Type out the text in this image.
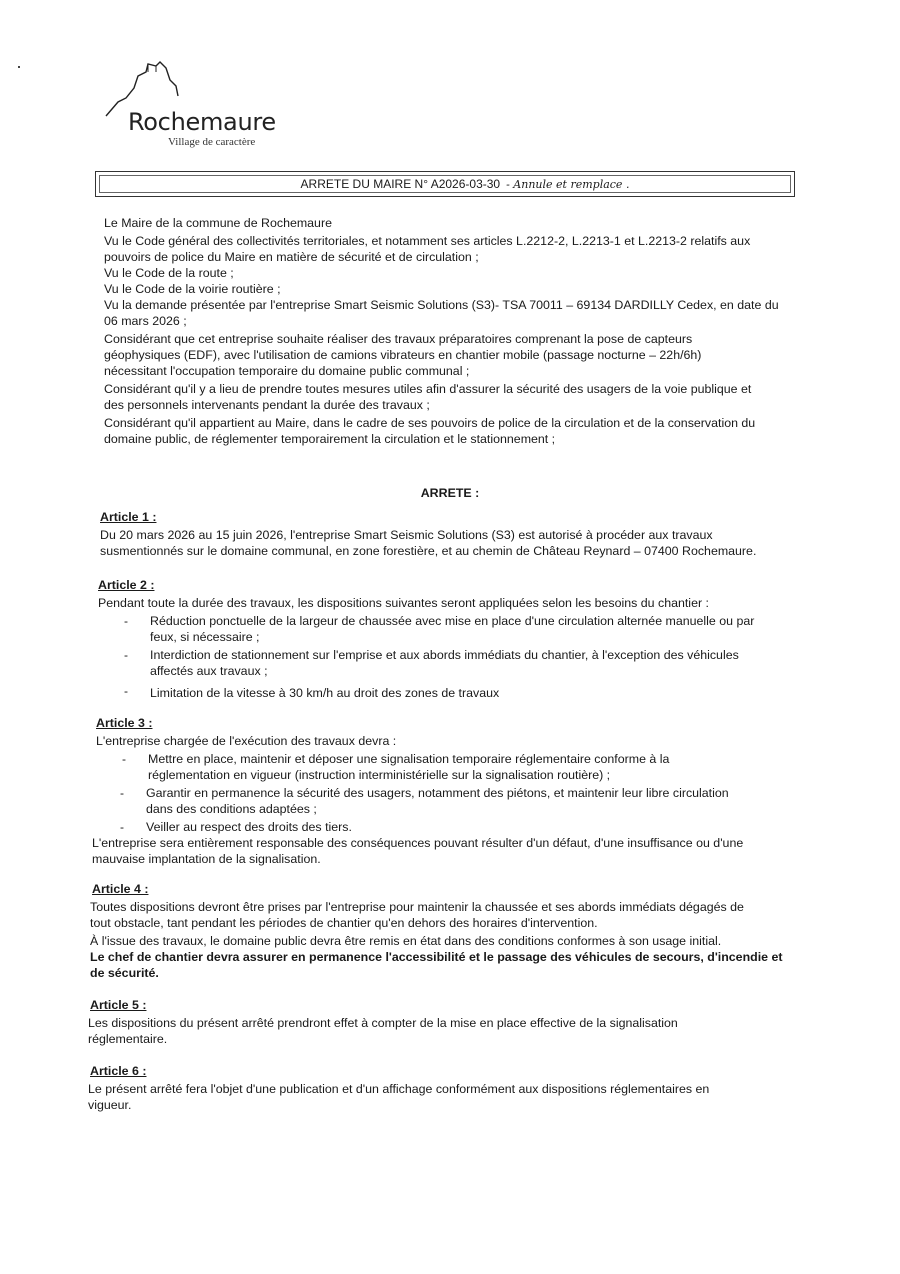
Rochemaure
Village de caractère
ARRETE DU MAIRE N° A2026-03-30 - Annule et remplace .
Le Maire de la commune de Rochemaure
Vu le Code général des collectivités territoriales, et notamment ses articles L.2212-2, L.2213-1 et L.2213-2 relatifs aux
pouvoirs de police du Maire en matière de sécurité et de circulation ;
Vu le Code de la route ;
Vu le Code de la voirie routière ;
Vu la demande présentée par l'entreprise Smart Seismic Solutions (S3)- TSA 70011 – 69134 DARDILLY Cedex, en date du
06 mars 2026 ;
Considérant que cet entreprise souhaite réaliser des travaux préparatoires comprenant la pose de capteurs
géophysiques (EDF), avec l'utilisation de camions vibrateurs en chantier mobile (passage nocturne – 22h/6h)
nécessitant l'occupation temporaire du domaine public communal ;
Considérant qu'il y a lieu de prendre toutes mesures utiles afin d'assurer la sécurité des usagers de la voie publique et
des personnels intervenants pendant la durée des travaux ;
Considérant qu'il appartient au Maire, dans le cadre de ses pouvoirs de police de la circulation et de la conservation du
domaine public, de réglementer temporairement la circulation et le stationnement ;
ARRETE :
Article 1 :
Du 20 mars 2026 au 15 juin 2026, l'entreprise Smart Seismic Solutions (S3) est autorisé à procéder aux travaux
susmentionnés sur le domaine communal, en zone forestière, et au chemin de Château Reynard – 07400 Rochemaure.
Article 2 :
Pendant toute la durée des travaux, les dispositions suivantes seront appliquées selon les besoins du chantier :
- Réduction ponctuelle de la largeur de chaussée avec mise en place d'une circulation alternée manuelle ou par
feux, si nécessaire ;
- Interdiction de stationnement sur l'emprise et aux abords immédiats du chantier, à l'exception des véhicules
affectés aux travaux ;
- Limitation de la vitesse à 30 km/h au droit des zones de travaux
Article 3 :
L'entreprise chargée de l'exécution des travaux devra :
- Mettre en place, maintenir et déposer une signalisation temporaire réglementaire conforme à la
réglementation en vigueur (instruction interministérielle sur la signalisation routière) ;
- Garantir en permanence la sécurité des usagers, notamment des piétons, et maintenir leur libre circulation
dans des conditions adaptées ;
- Veiller au respect des droits des tiers.
L'entreprise sera entièrement responsable des conséquences pouvant résulter d'un défaut, d'une insuffisance ou d'une
mauvaise implantation de la signalisation.
Article 4 :
Toutes dispositions devront être prises par l'entreprise pour maintenir la chaussée et ses abords immédiats dégagés de
tout obstacle, tant pendant les périodes de chantier qu'en dehors des horaires d'intervention.
À l'issue des travaux, le domaine public devra être remis en état dans des conditions conformes à son usage initial.
Le chef de chantier devra assurer en permanence l'accessibilité et le passage des véhicules de secours, d'incendie et
de sécurité.
Article 5 :
Les dispositions du présent arrêté prendront effet à compter de la mise en place effective de la signalisation
réglementaire.
Article 6 :
Le présent arrêté fera l'objet d'une publication et d'un affichage conformément aux dispositions réglementaires en
vigueur.
